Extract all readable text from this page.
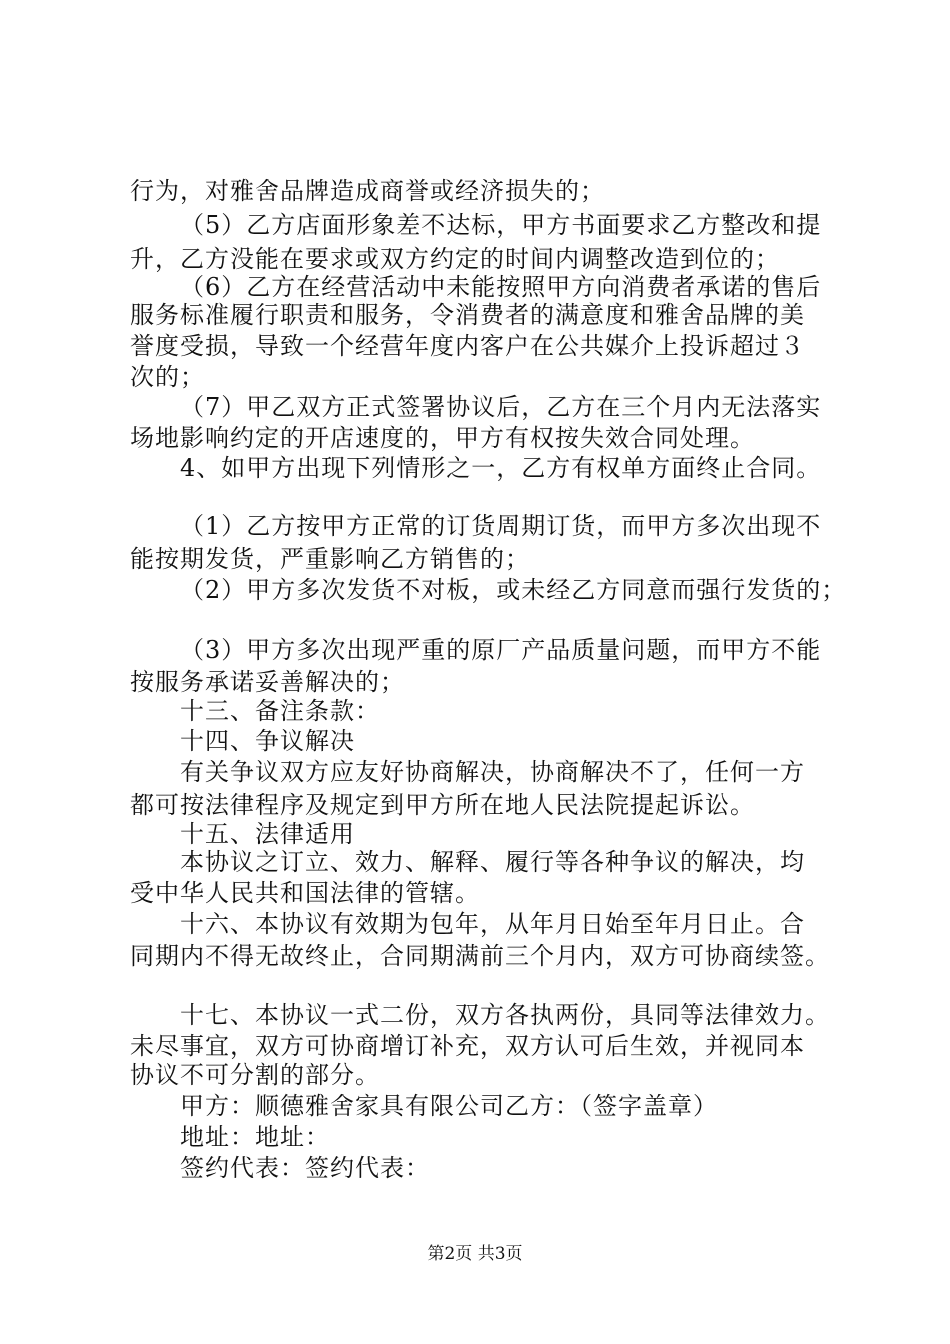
行为，对雅舍品牌造成商誉或经济损失的；
（5）乙方店面形象差不达标，甲方书面要求乙方整改和提
升，乙方没能在要求或双方约定的时间内调整改造到位的；
（6）乙方在经营活动中未能按照甲方向消费者承诺的售后
服务标准履行职责和服务，令消费者的满意度和雅舍品牌的美
誉度受损，导致一个经营年度内客户在公共媒介上投诉超过３
次的；
（7）甲乙双方正式签署协议后，乙方在三个月内无法落实
场地影响约定的开店速度的，甲方有权按失效合同处理。
4、如甲方出现下列情形之一，乙方有权单方面终止合同。
（1）乙方按甲方正常的订货周期订货，而甲方多次出现不
能按期发货，严重影响乙方销售的；
（2）甲方多次发货不对板，或未经乙方同意而强行发货的；
（3）甲方多次出现严重的原厂产品质量问题，而甲方不能
按服务承诺妥善解决的；
十三、备注条款：
十四、争议解决
有关争议双方应友好协商解决，协商解决不了，任何一方
都可按法律程序及规定到甲方所在地人民法院提起诉讼。
十五、法律适用
本协议之订立、效力、解释、履行等各种争议的解决，均
受中华人民共和国法律的管辖。
十六、本协议有效期为包年，从年月日始至年月日止。合
同期内不得无故终止，合同期满前三个月内，双方可协商续签。
十七、本协议一式二份，双方各执两份，具同等法律效力。
未尽事宜，双方可协商增订补充，双方认可后生效，并视同本
协议不可分割的部分。
甲方：顺德雅舍家具有限公司乙方：（签字盖章）
地址：地址：
签约代表：签约代表：
第2页 共3页
